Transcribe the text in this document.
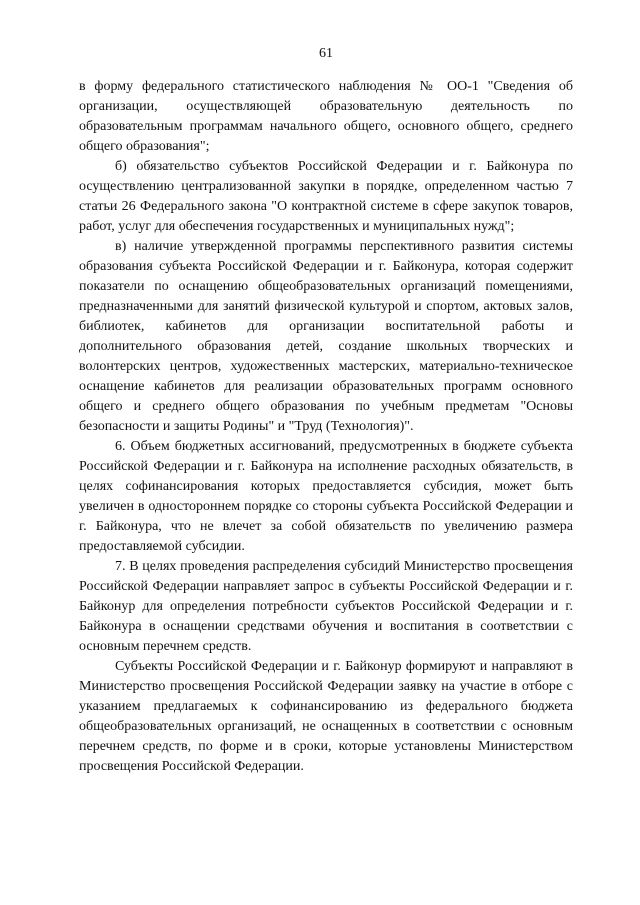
61

в форму федерального статистического наблюдения № ОО-1 "Сведения об организации, осуществляющей образовательную деятельность по образовательным программам начального общего, основного общего, среднего общего образования";

б) обязательство субъектов Российской Федерации и г. Байконура по осуществлению централизованной закупки в порядке, определенном частью 7 статьи 26 Федерального закона "О контрактной системе в сфере закупок товаров, работ, услуг для обеспечения государственных и муниципальных нужд";

в) наличие утвержденной программы перспективного развития системы образования субъекта Российской Федерации и г. Байконура, которая содержит показатели по оснащению общеобразовательных организаций помещениями, предназначенными для занятий физической культурой и спортом, актовых залов, библиотек, кабинетов для организации воспитательной работы и дополнительного образования детей, создание школьных творческих и волонтерских центров, художественных мастерских, материально-техническое оснащение кабинетов для реализации образовательных программ основного общего и среднего общего образования по учебным предметам "Основы безопасности и защиты Родины" и "Труд (Технология)".

6. Объем бюджетных ассигнований, предусмотренных в бюджете субъекта Российской Федерации и г. Байконура на исполнение расходных обязательств, в целях софинансирования которых предоставляется субсидия, может быть увеличен в одностороннем порядке со стороны субъекта Российской Федерации и г. Байконура, что не влечет за собой обязательств по увеличению размера предоставляемой субсидии.

7. В целях проведения распределения субсидий Министерство просвещения Российской Федерации направляет запрос в субъекты Российской Федерации и г. Байконур для определения потребности субъектов Российской Федерации и г. Байконура в оснащении средствами обучения и воспитания в соответствии с основным перечнем средств.

Субъекты Российской Федерации и г. Байконур формируют и направляют в Министерство просвещения Российской Федерации заявку на участие в отборе с указанием предлагаемых к софинансированию из федерального бюджета общеобразовательных организаций, не оснащенных в соответствии с основным перечнем средств, по форме и в сроки, которые установлены Министерством просвещения Российской Федерации.
